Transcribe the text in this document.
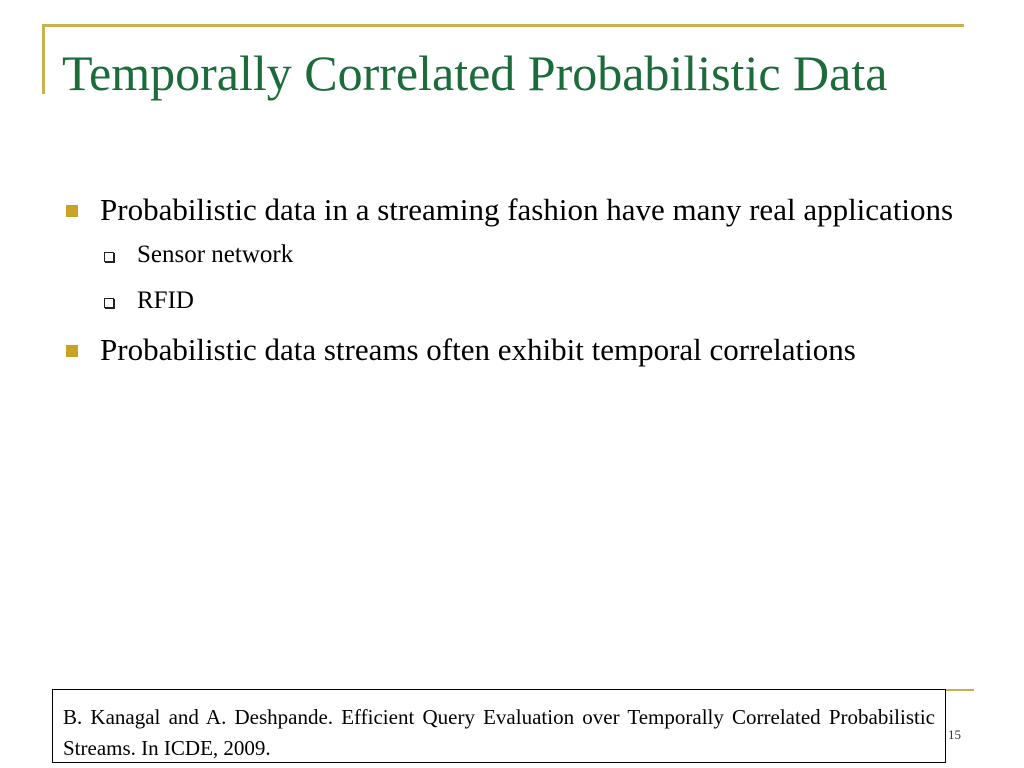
Temporally Correlated Probabilistic Data
Probabilistic data in a streaming fashion have many real applications
Sensor network
RFID
Probabilistic data streams often exhibit temporal correlations
B. Kanagal and A. Deshpande. Efficient Query Evaluation over Temporally Correlated Probabilistic Streams. In ICDE, 2009.
15
